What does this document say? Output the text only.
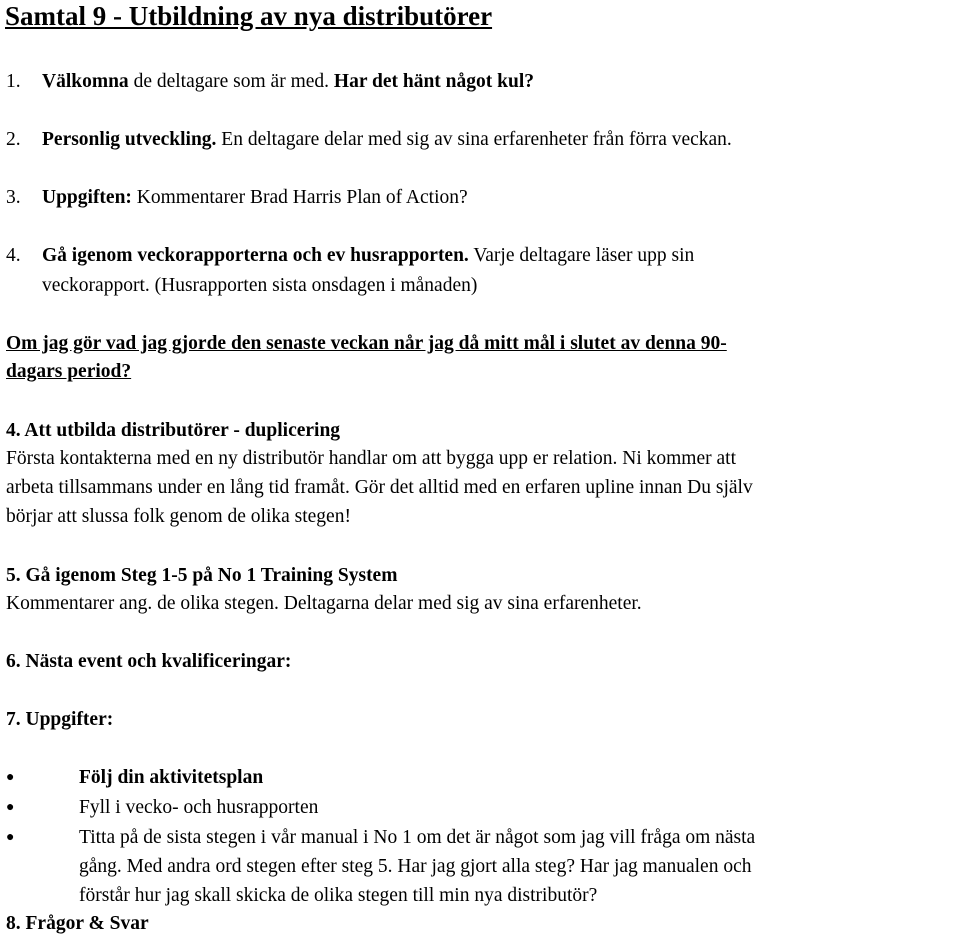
Samtal 9 - Utbildning av nya distributörer
1. Välkomna de deltagare som är med. Har det hänt något kul?
2. Personlig utveckling. En deltagare delar med sig av sina erfarenheter från förra veckan.
3. Uppgiften: Kommentarer Brad Harris Plan of Action?
4. Gå igenom veckorapporterna och ev husrapporten. Varje deltagare läser upp sin
veckorapport. (Husrapporten sista onsdagen i månaden)
Om jag gör vad jag gjorde den senaste veckan når jag då mitt mål i slutet av denna 90-
dagars period?
4. Att utbilda distributörer - duplicering
Första kontakterna med en ny distributör handlar om att bygga upp er relation. Ni kommer att
arbeta tillsammans under en lång tid framåt. Gör det alltid med en erfaren upline innan Du själv
börjar att slussa folk genom de olika stegen!
5. Gå igenom Steg 1-5 på No 1 Training System
Kommentarer ang. de olika stegen. Deltagarna delar med sig av sina erfarenheter.
6. Nästa event och kvalificeringar:
7. Uppgifter:
●	Följ din aktivitetsplan
●	Fyll i vecko- och husrapporten
●	Titta på de sista stegen i vår manual i No 1 om det är något som jag vill fråga om nästa
gång. Med andra ord stegen efter steg 5. Har jag gjort alla steg? Har jag manualen och
förstår hur jag skall skicka de olika stegen till min nya distributör?
8. Frågor & Svar
